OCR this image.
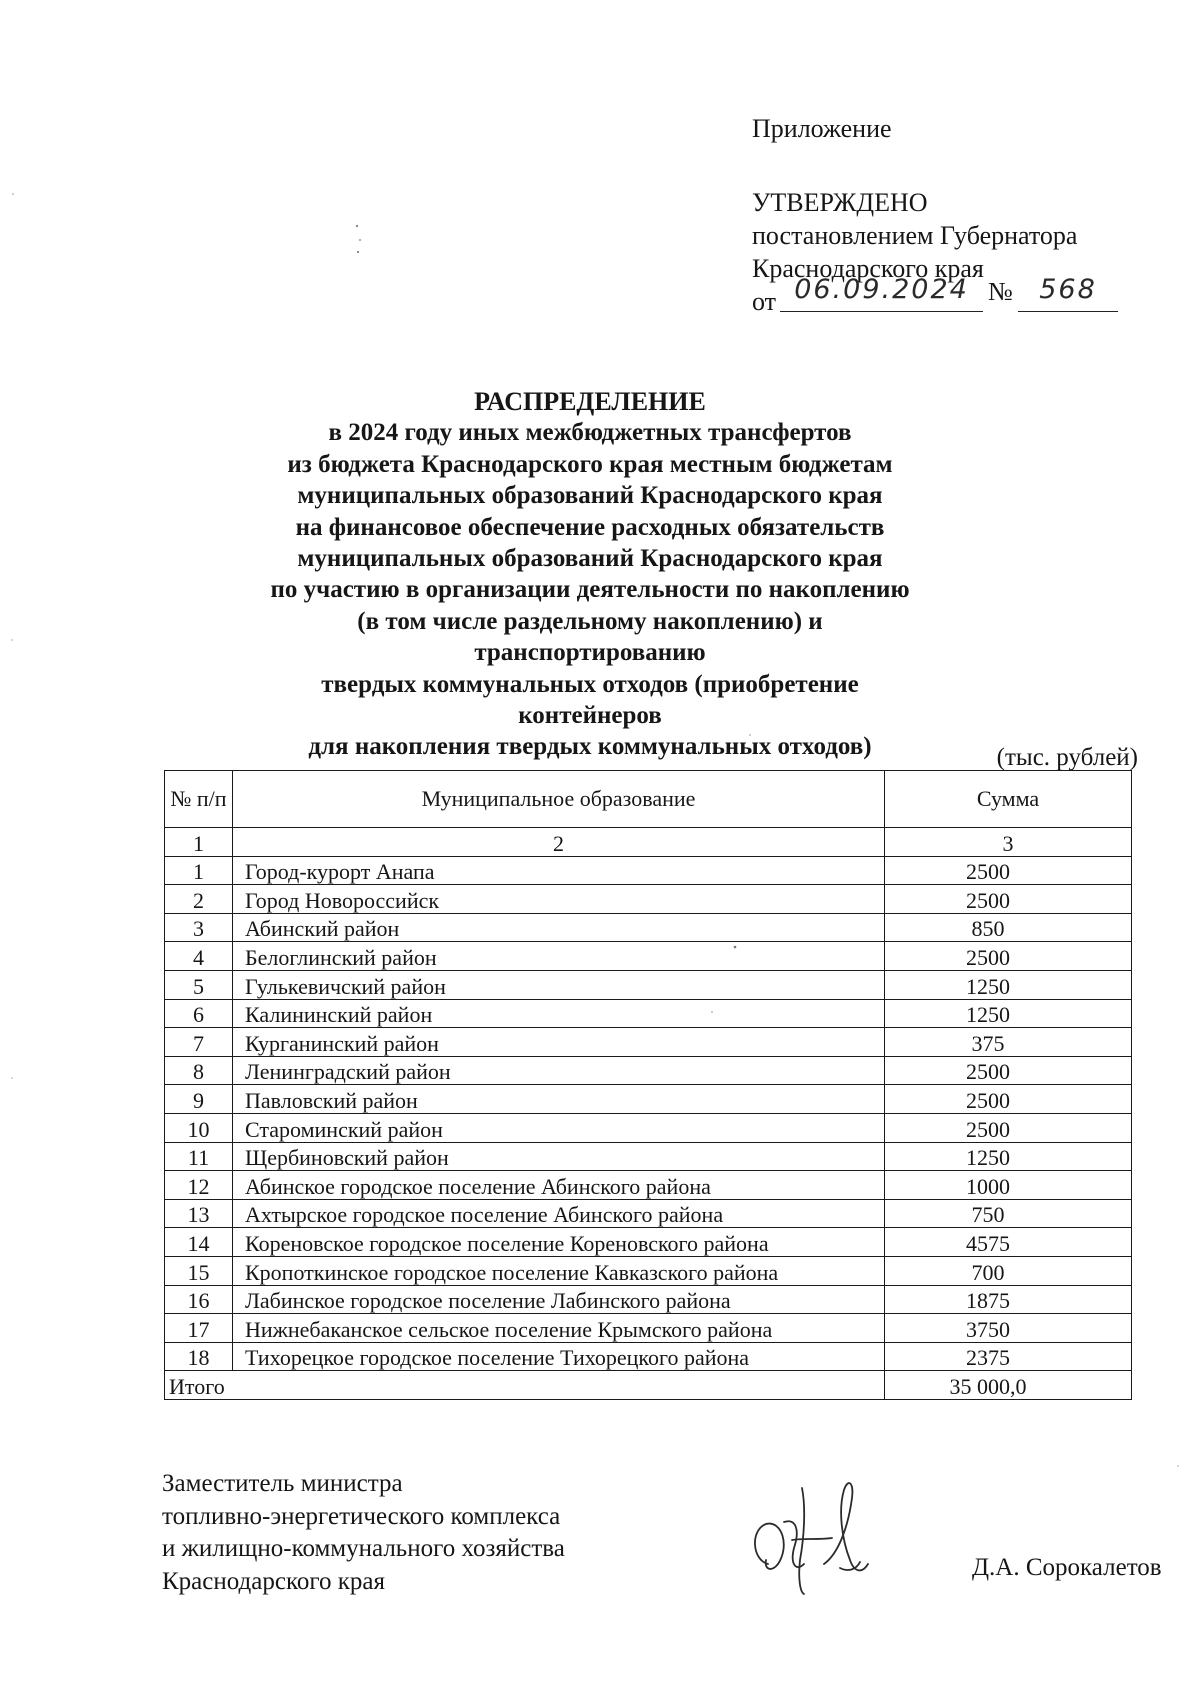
Приложение
УТВЕРЖДЕНО
постановлением Губернатора
Краснодарского края
от 06.09.2024 № 568
РАСПРЕДЕЛЕНИЕ
в 2024 году иных межбюджетных трансфертов
из бюджета Краснодарского края местным бюджетам
муниципальных образований Краснодарского края
на финансовое обеспечение расходных обязательств
муниципальных образований Краснодарского края
по участию в организации деятельности по накоплению
(в том числе раздельному накоплению) и транспортированию
твердых коммунальных отходов (приобретение контейнеров
для накопления твердых коммунальных отходов)	(тыс. рублей)
№ п/п	Муниципальное образование	Сумма
1	2	3
1	Город-курорт Анапа	2500
2	Город Новороссийск	2500
3	Абинский район	850
4	Белоглинский район	2500
5	Гулькевичский район	1250
6	Калининский район	1250
7	Курганинский район	375
8	Ленинградский район	2500
9	Павловский район	2500
10	Староминский район	2500
11	Щербиновский район	1250
12	Абинское городское поселение Абинского района	1000
13	Ахтырское городское поселение Абинского района	750
14	Кореновское городское поселение Кореновского района	4575
15	Кропоткинское городское поселение Кавказского района	700
16	Лабинское городское поселение Лабинского района	1875
17	Нижнебаканское сельское поселение Крымского района	3750
18	Тихорецкое городское поселение Тихорецкого района	2375
Итого		35 000,0
Заместитель министра
топливно-энергетического комплекса
и жилищно-коммунального хозяйства
Краснодарского края	Д.А. Сорокалетов
